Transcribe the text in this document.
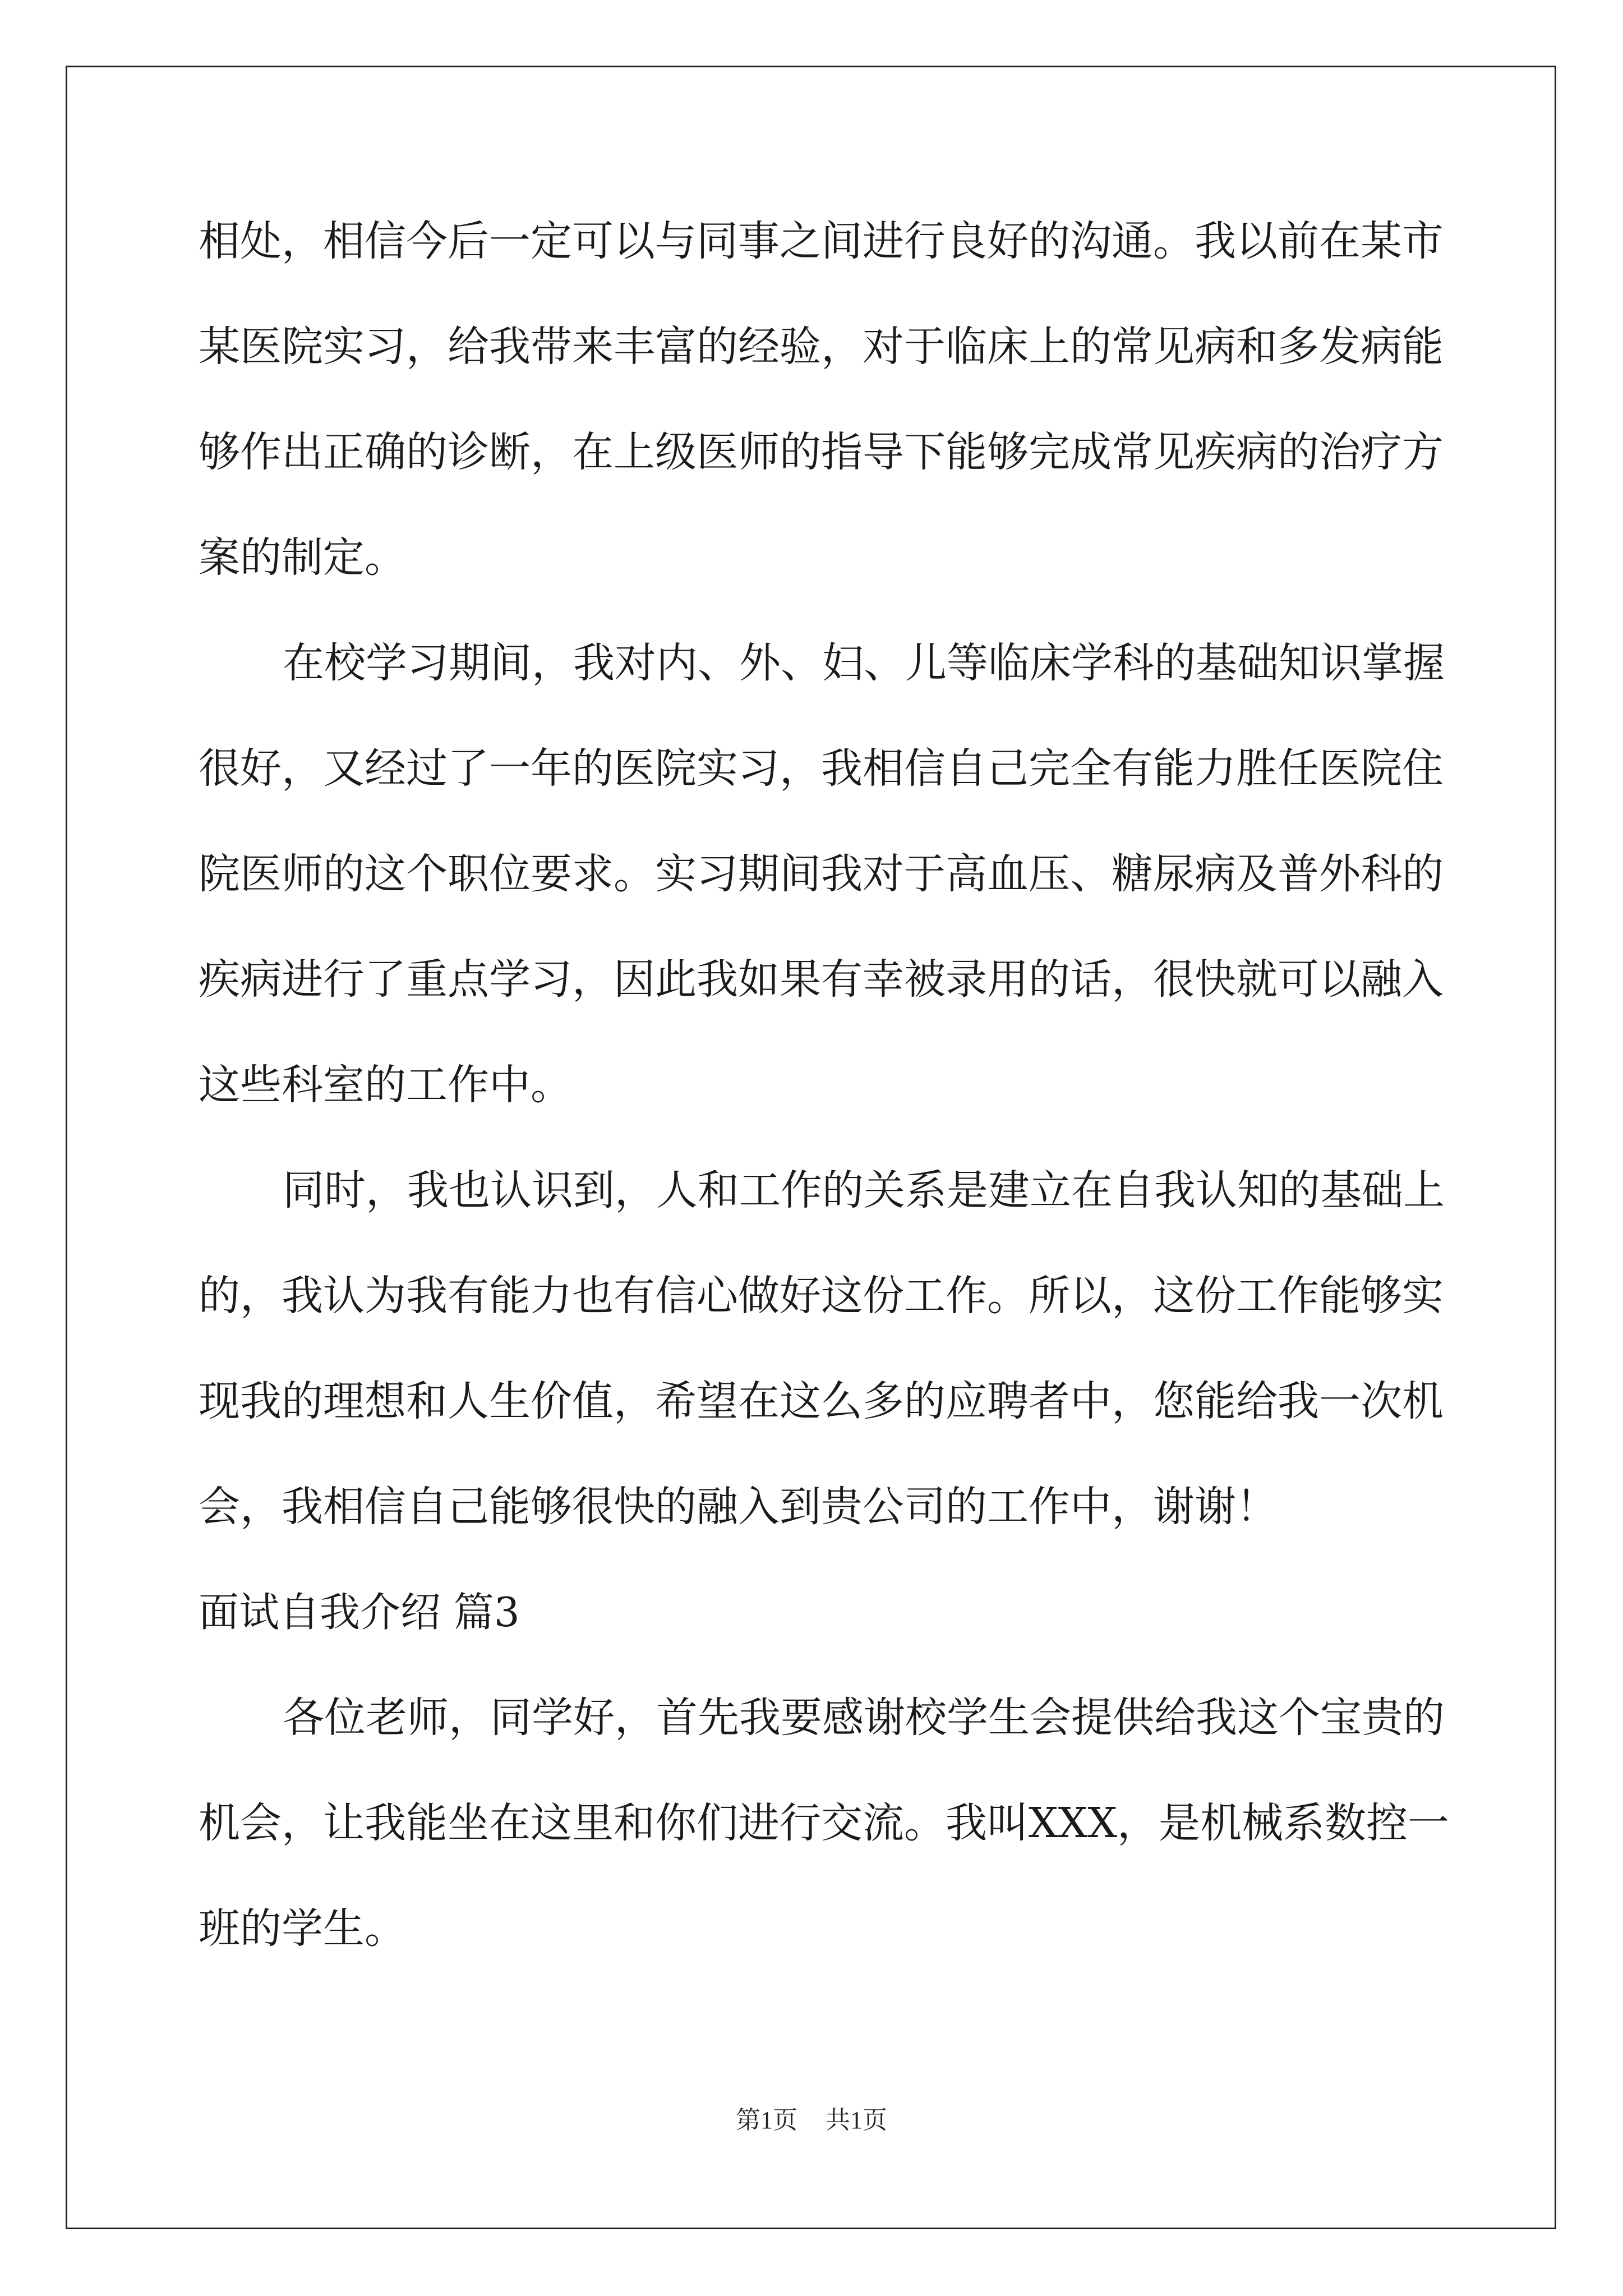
相处，相信今后一定可以与同事之间进行良好的沟通。我以前在某市
某医院实习，给我带来丰富的经验，对于临床上的常见病和多发病能
够作出正确的诊断，在上级医师的指导下能够完成常见疾病的治疗方
案的制定。
在校学习期间，我对内、外、妇、儿等临床学科的基础知识掌握
很好，又经过了一年的医院实习，我相信自己完全有能力胜任医院住
院医师的这个职位要求。实习期间我对于高血压、糖尿病及普外科的
疾病进行了重点学习，因此我如果有幸被录用的话，很快就可以融入
这些科室的工作中。
同时，我也认识到，人和工作的关系是建立在自我认知的基础上
的，我认为我有能力也有信心做好这份工作。所以，这份工作能够实
现我的理想和人生价值，希望在这么多的应聘者中，您能给我一次机
会，我相信自己能够很快的融入到贵公司的工作中，谢谢！
面试自我介绍 篇3
各位老师，同学好，首先我要感谢校学生会提供给我这个宝贵的
机会，让我能坐在这里和你们进行交流。我叫XXX，是机械系数控一
班的学生。
第1页 共1页
